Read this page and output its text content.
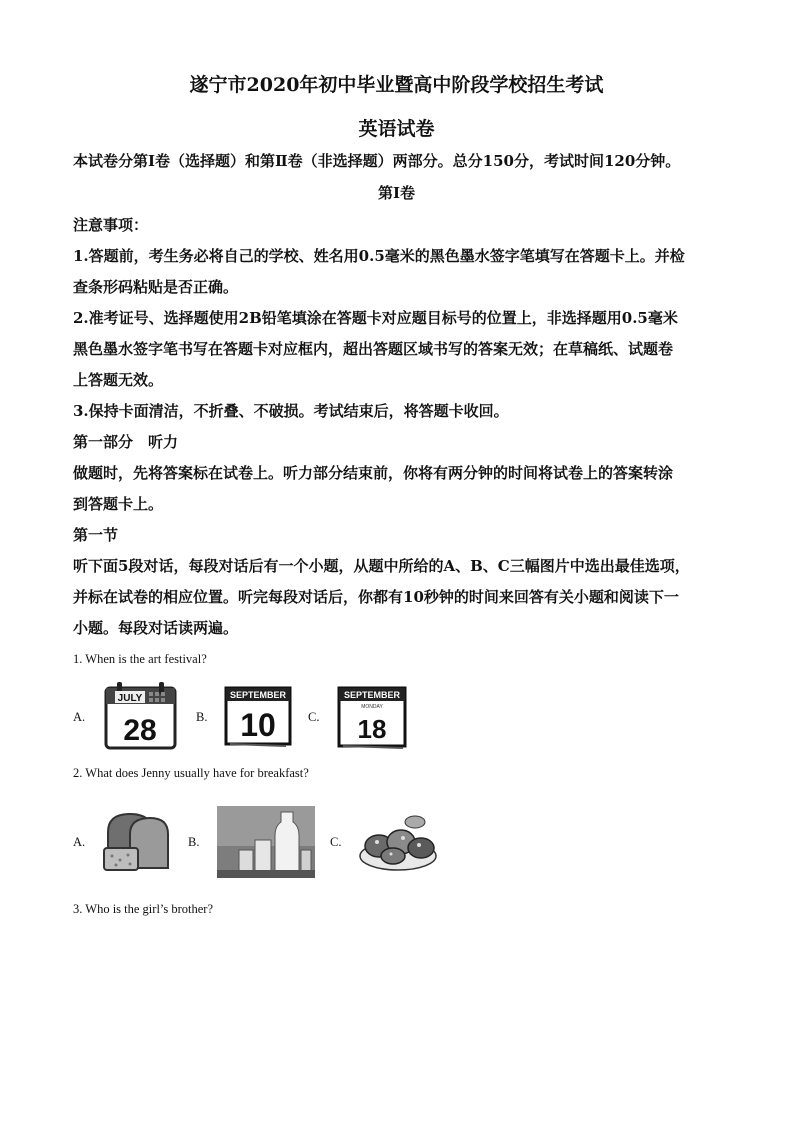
遂宁市2020年初中毕业暨高中阶段学校招生考试
英语试卷
本试卷分第Ⅰ卷（选择题）和第Ⅱ卷（非选择题）两部分。总分150分，考试时间120分钟。
第Ⅰ卷
注意事项：
1.答题前，考生务必将自己的学校、姓名用0.5毫米的黑色墨水签字笔填写在答题卡上。并检
查条形码粘贴是否正确。
2.准考证号、选择题使用2B铅笔填涂在答题卡对应题目标号的位置上，非选择题用0.5毫米
黑色墨水签字笔书写在答题卡对应框内，超出答题区域书写的答案无效；在草稿纸、试题卷
上答题无效。
3.保持卡面清洁，不折叠、不破损。考试结束后，将答题卡收回。
第一部分　听力
做题时，先将答案标在试卷上。听力部分结束前，你将有两分钟的时间将试卷上的答案转涂
到答题卡上。
第一节
听下面5段对话，每段对话后有一个小题，从题中所给的A、B、C三幅图片中选出最佳选项，
并标在试卷的相应位置。听完每段对话后，你都有10秒钟的时间来回答有关小题和阅读下一
小题。每段对话读两遍。
1. When is the art festival?
A.
JULY
28	B.
SEPTEMBER
10	C.
SEPTEMBER
MONDAY
18
2. What does Jenny usually have for breakfast?
A.	B.	C.
3. Who is the girl’s brother?
